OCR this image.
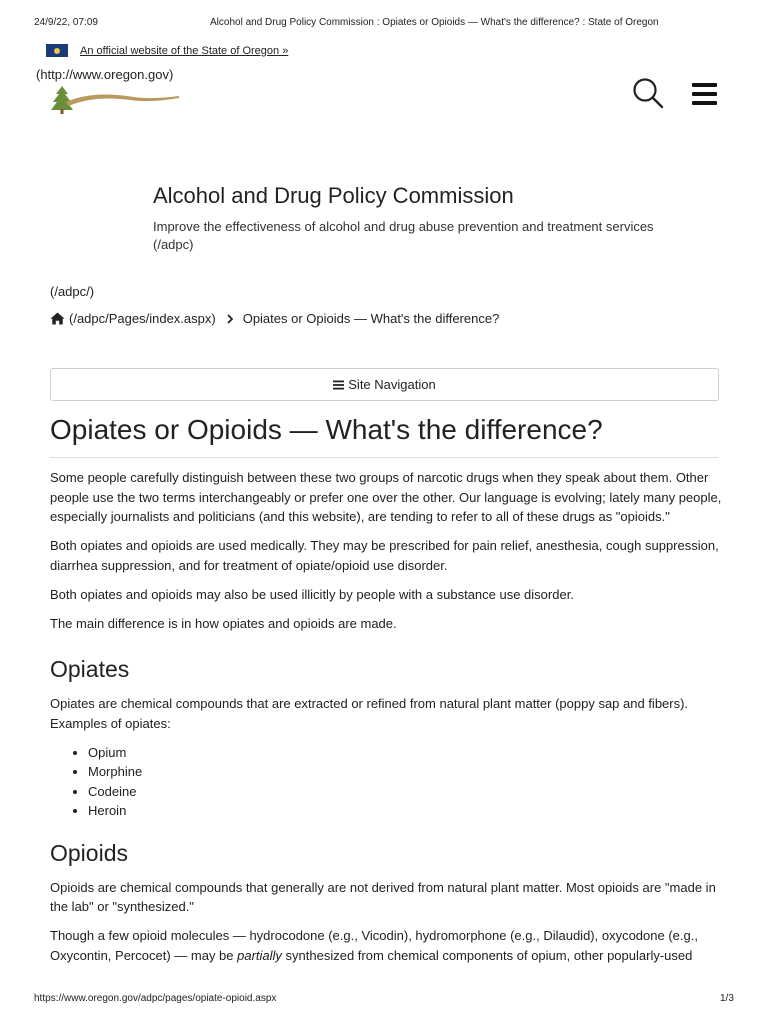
24/9/22, 07:09	Alcohol and Drug Policy Commission : Opiates or Opioids — What's the difference? : State of Oregon
An official website of the State of Oregon »
(http://www.oregon.gov)
Alcohol and Drug Policy Commission
Improve the effectiveness of alcohol and drug abuse prevention and treatment services (/adpc)
(/adpc/)
(/adpc/Pages/index.aspx) Opiates or Opioids — What's the difference?
Site Navigation
Opiates or Opioids — What's the difference?

Some people carefully distinguish between these two groups of narcotic drugs when they speak about them. Other people use the two terms interchangeably or prefer one over the other. Our language is evolving; lately many people, especially journalists and politicians (and this website), are tending to refer to all of these drugs as "opioids."

Both opiates and opioids are used medically. They may be prescribed for pain relief, anesthesia, cough suppression, diarrhea suppression, and for treatment of opiate/opioid use disorder.

Both opiates and opioids may also be used illicitly by people with a substance use disorder.

The main difference is in how opiates and opioids are made.

Opiates

Opiates are chemical compounds that are extracted or refined from natural plant matter (poppy sap and fibers). Examples of opiates:

• Opium
• Morphine
• Codeine
• Heroin
Opioids

Opioids are chemical compounds that generally are not derived from natural plant matter. Most opioids are "made in the lab" or "synthesized."

Though a few opioid molecules — hydrocodone (e.g., Vicodin), hydromorphone (e.g., Dilaudid), oxycodone (e.g., Oxycontin, Percocet) — may be partially synthesized from chemical components of opium, other popularly-used

https://www.oregon.gov/adpc/pages/opiate-opioid.aspx	1/3
